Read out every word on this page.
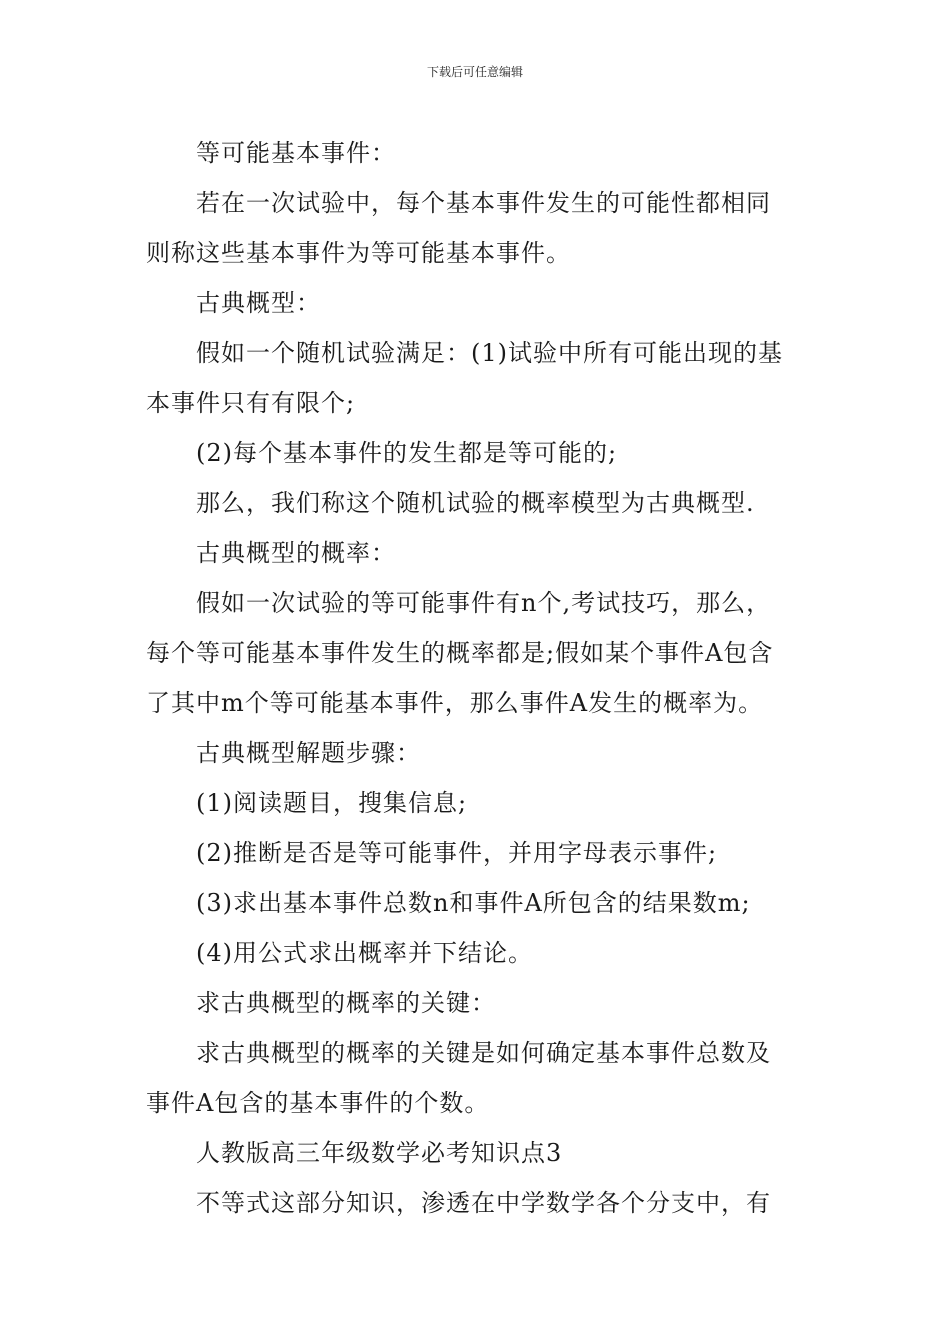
下载后可任意编辑
等可能基本事件：
若在一次试验中，每个基本事件发生的可能性都相同
则称这些基本事件为等可能基本事件。
古典概型：
假如一个随机试验满足：(1)试验中所有可能出现的基
本事件只有有限个;
(2)每个基本事件的发生都是等可能的;
那么，我们称这个随机试验的概率模型为古典概型.
古典概型的概率：
假如一次试验的等可能事件有n个,考试技巧，那么，
每个等可能基本事件发生的概率都是;假如某个事件A包含
了其中m个等可能基本事件，那么事件A发生的概率为。
古典概型解题步骤：
(1)阅读题目，搜集信息;
(2)推断是否是等可能事件，并用字母表示事件;
(3)求出基本事件总数n和事件A所包含的结果数m;
(4)用公式求出概率并下结论。
求古典概型的概率的关键：
求古典概型的概率的关键是如何确定基本事件总数及
事件A包含的基本事件的个数。
人教版高三年级数学必考知识点3
不等式这部分知识，渗透在中学数学各个分支中，有
